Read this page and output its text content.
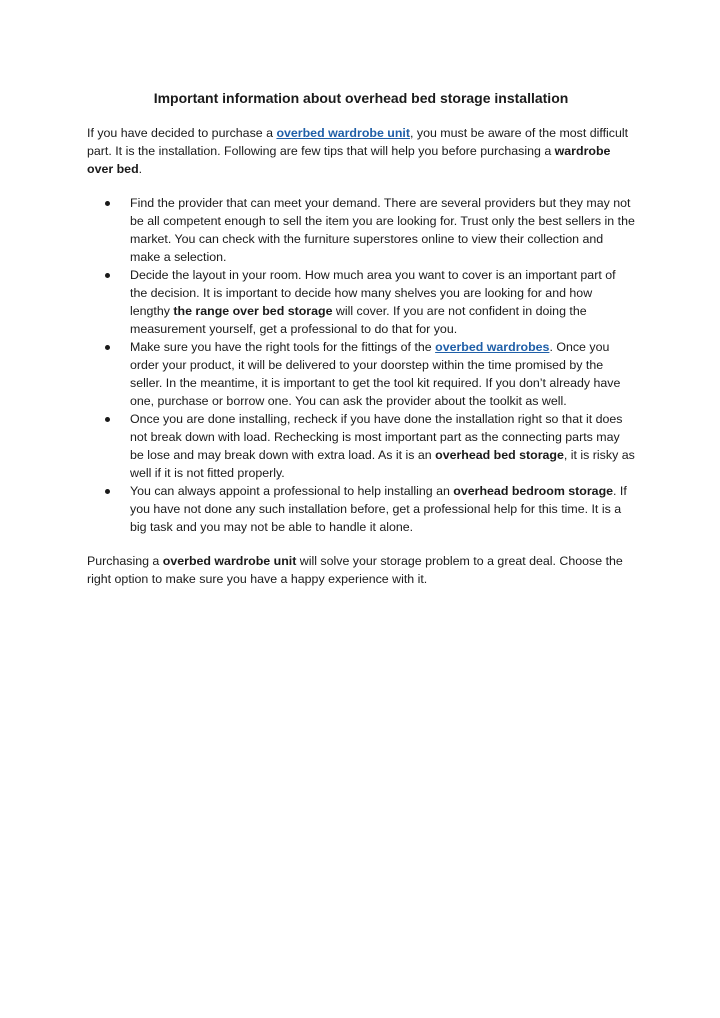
Important information about overhead bed storage installation

If you have decided to purchase a overbed wardrobe unit, you must be aware of the most difficult part. It is the installation. Following are few tips that will help you before purchasing a wardrobe over bed.

Find the provider that can meet your demand. There are several providers but they may not be all competent enough to sell the item you are looking for. Trust only the best sellers in the market. You can check with the furniture superstores online to view their collection and make a selection.
Decide the layout in your room. How much area you want to cover is an important part of the decision. It is important to decide how many shelves you are looking for and how lengthy the range over bed storage will cover. If you are not confident in doing the measurement yourself, get a professional to do that for you.
Make sure you have the right tools for the fittings of the overbed wardrobes. Once you order your product, it will be delivered to your doorstep within the time promised by the seller. In the meantime, it is important to get the tool kit required. If you don’t already have one, purchase or borrow one. You can ask the provider about the toolkit as well.
Once you are done installing, recheck if you have done the installation right so that it does not break down with load. Rechecking is most important part as the connecting parts may be lose and may break down with extra load. As it is an overhead bed storage, it is risky as well if it is not fitted properly.
You can always appoint a professional to help installing an overhead bedroom storage. If you have not done any such installation before, get a professional help for this time. It is a big task and you may not be able to handle it alone.

Purchasing a overbed wardrobe unit will solve your storage problem to a great deal. Choose the right option to make sure you have a happy experience with it.
